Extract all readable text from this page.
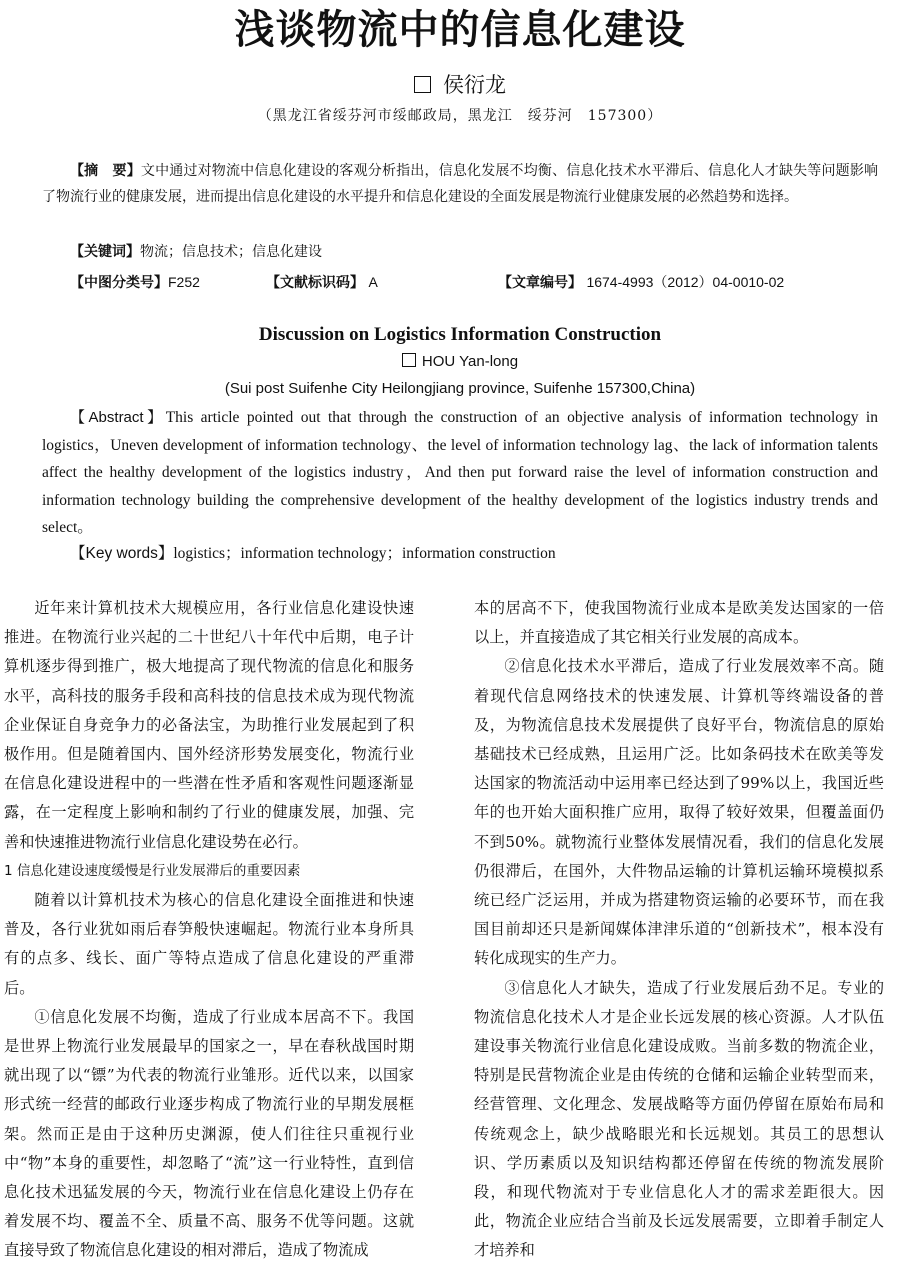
浅谈物流中的信息化建设
侯衍龙
（黑龙江省绥芬河市绥邮政局，黑龙江　绥芬河　157300）

【摘　要】文中通过对物流中信息化建设的客观分析指出，信息化发展不均衡、信息化技术水平滞后、信息化人才缺失等问题影响了物流行业的健康发展，进而提出信息化建设的水平提升和信息化建设的全面发展是物流行业健康发展的必然趋势和选择。

【关键词】物流；信息技术；信息化建设
【中图分类号】F252	【文献标识码】 A	【文章编号】 1674-4993（2012）04-0010-02
Discussion on Logistics Information Construction
HOU Yan-long
(Sui post Suifenhe City Heilongjiang province, Suifenhe 157300,China)

【Abstract】This article pointed out that through the construction of an objective analysis of information technology in logistics，Uneven development of information technology、the level of information technology lag、the lack of information talents affect the healthy development of the logistics industry，And then put forward raise the level of information construction and information technology building the comprehensive development of the healthy development of the logistics industry trends and select。

【Key words】logistics；information technology；information construction

近年来计算机技术大规模应用，各行业信息化建设快速推进。在物流行业兴起的二十世纪八十年代中后期，电子计算机逐步得到推广，极大地提高了现代物流的信息化和服务水平，高科技的服务手段和高科技的信息技术成为现代物流企业保证自身竞争力的必备法宝，为助推行业发展起到了积极作用。但是随着国内、国外经济形势发展变化，物流行业在信息化建设进程中的一些潜在性矛盾和客观性问题逐渐显露，在一定程度上影响和制约了行业的健康发展，加强、完善和快速推进物流行业信息化建设势在必行。

1 信息化建设速度缓慢是行业发展滞后的重要因素

随着以计算机技术为核心的信息化建设全面推进和快速普及，各行业犹如雨后春笋般快速崛起。物流行业本身所具有的点多、线长、面广等特点造成了信息化建设的严重滞后。

①信息化发展不均衡，造成了行业成本居高不下。我国是世界上物流行业发展最早的国家之一，早在春秋战国时期就出现了以“镖”为代表的物流行业雏形。近代以来，以国家形式统一经营的邮政行业逐步构成了物流行业的早期发展框架。然而正是由于这种历史渊源，使人们往往只重视行业中“物”本身的重要性，却忽略了“流”这一行业特性，直到信息化技术迅猛发展的今天，物流行业在信息化建设上仍存在着发展不均、覆盖不全、质量不高、服务不优等问题。这就直接导致了物流信息化建设的相对滞后，造成了物流成

本的居高不下，使我国物流行业成本是欧美发达国家的一倍以上，并直接造成了其它相关行业发展的高成本。

②信息化技术水平滞后，造成了行业发展效率不高。随着现代信息网络技术的快速发展、计算机等终端设备的普及，为物流信息技术发展提供了良好平台，物流信息的原始基础技术已经成熟，且运用广泛。比如条码技术在欧美等发达国家的物流活动中运用率已经达到了99%以上，我国近些年的也开始大面积推广应用，取得了较好效果，但覆盖面仍不到50%。就物流行业整体发展情况看，我们的信息化发展仍很滞后，在国外，大件物品运输的计算机运输环境模拟系统已经广泛运用，并成为搭建物资运输的必要环节，而在我国目前却还只是新闻媒体津津乐道的“创新技术”，根本没有转化成现实的生产力。

③信息化人才缺失，造成了行业发展后劲不足。专业的物流信息化技术人才是企业长远发展的核心资源。人才队伍建设事关物流行业信息化建设成败。当前多数的物流企业，特别是民营物流企业是由传统的仓储和运输企业转型而来，经营管理、文化理念、发展战略等方面仍停留在原始布局和传统观念上，缺少战略眼光和长远规划。其员工的思想认识、学历素质以及知识结构都还停留在传统的物流发展阶段，和现代物流对于专业信息化人才的需求差距很大。因此，物流企业应结合当前及长远发展需要，立即着手制定人才培养和
